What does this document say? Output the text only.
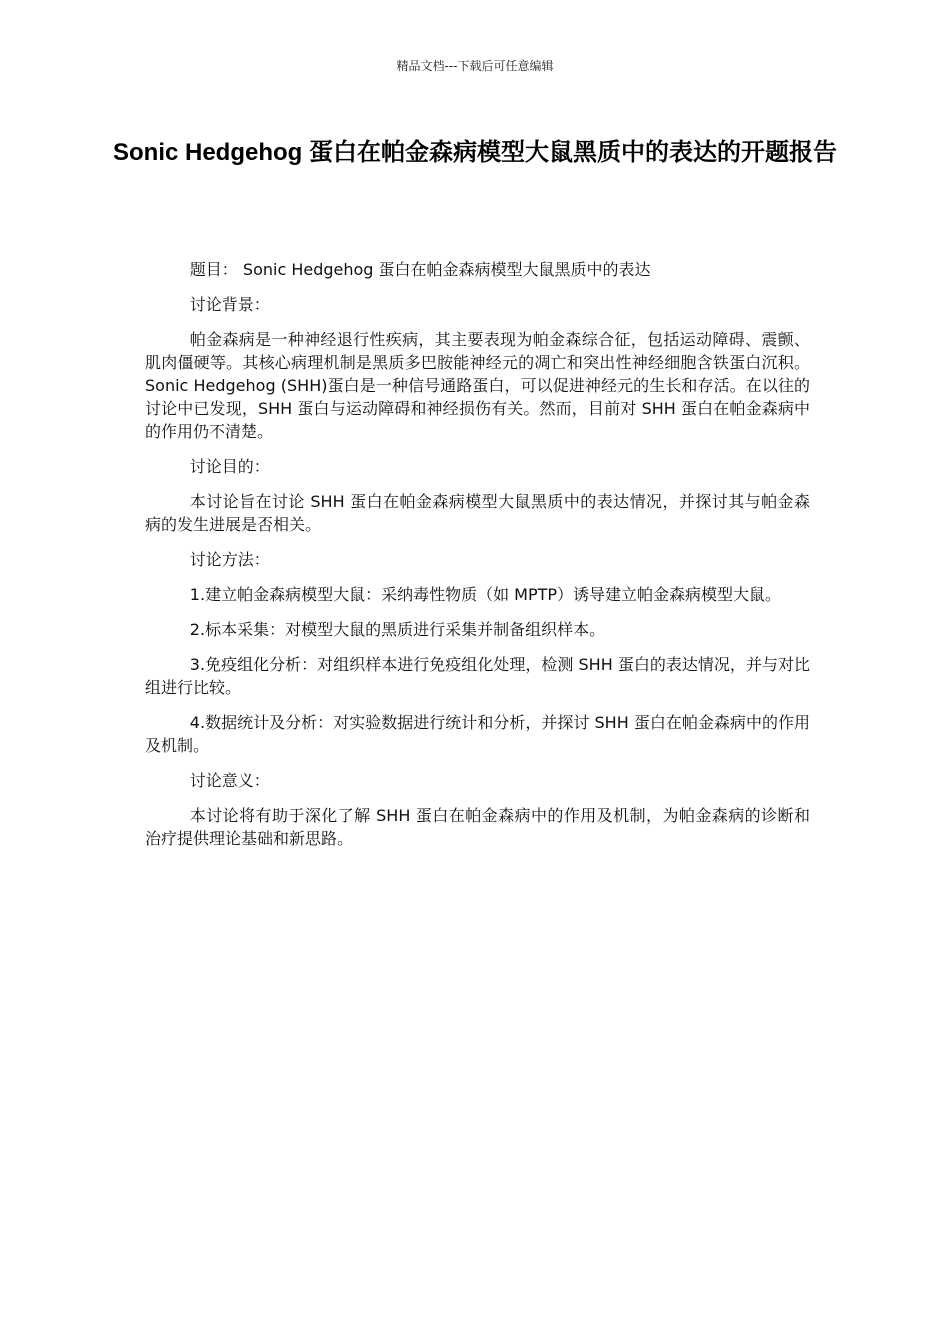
精品文档---下载后可任意编辑
Sonic Hedgehog 蛋白在帕金森病模型大鼠黑质中的表达的开题报告

题目： Sonic Hedgehog 蛋白在帕金森病模型大鼠黑质中的表达

讨论背景：

帕金森病是一种神经退行性疾病，其主要表现为帕金森综合征，包括运动障碍、震颤、肌肉僵硬等。其核心病理机制是黑质多巴胺能神经元的凋亡和突出性神经细胞含铁蛋白沉积。Sonic Hedgehog (SHH)蛋白是一种信号通路蛋白，可以促进神经元的生长和存活。在以往的讨论中已发现，SHH 蛋白与运动障碍和神经损伤有关。然而，目前对 SHH 蛋白在帕金森病中的作用仍不清楚。

讨论目的：

本讨论旨在讨论 SHH 蛋白在帕金森病模型大鼠黑质中的表达情况，并探讨其与帕金森病的发生进展是否相关。

讨论方法：

1.建立帕金森病模型大鼠：采纳毒性物质（如 MPTP）诱导建立帕金森病模型大鼠。

2.标本采集：对模型大鼠的黑质进行采集并制备组织样本。

3.免疫组化分析：对组织样本进行免疫组化处理，检测 SHH 蛋白的表达情况，并与对比组进行比较。

4.数据统计及分析：对实验数据进行统计和分析，并探讨 SHH 蛋白在帕金森病中的作用及机制。

讨论意义：

本讨论将有助于深化了解 SHH 蛋白在帕金森病中的作用及机制，为帕金森病的诊断和治疗提供理论基础和新思路。
